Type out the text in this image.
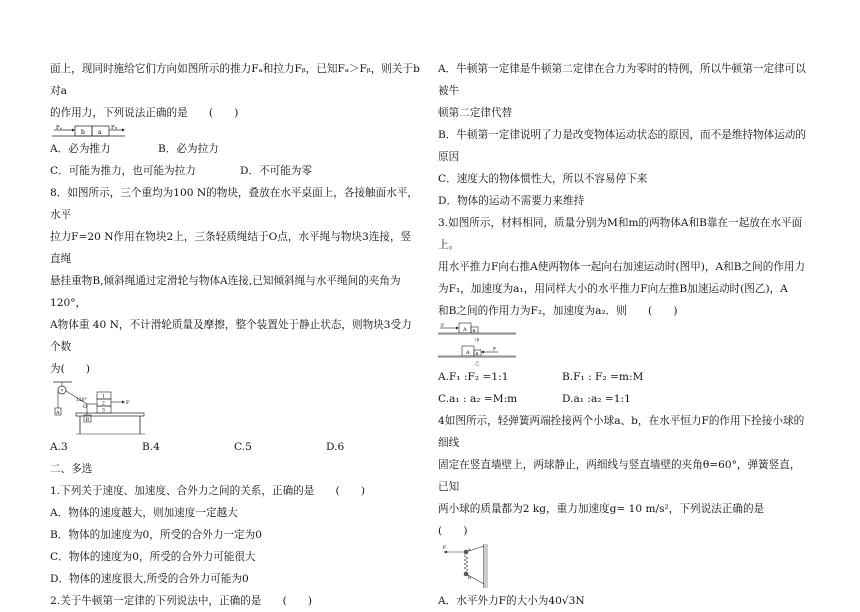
面上，现同时施给它们方向如图所示的推力Fₐ和拉力Fᵦ，已知Fₐ＞Fᵦ，则关于b对a

的作用力，下列说法正确的是　　(　　)

Fₐ
b a
Fᵦ
A．必为推力	B．必为拉力
C．可能为推力，也可能为拉力	D．不可能为零

8．如图所示，三个重均为100 N的物块，叠放在水平桌面上，各接触面水平，水平

拉力F=20 N作用在物块2上，三条轻质绳结于O点，水平绳与物块3连接，竖直绳

悬挂重物B,倾斜绳通过定滑轮与物体A连接,已知倾斜绳与水平绳间的夹角为120°，

A物体重 40 N，不计滑轮质量及摩擦，整个装置处于静止状态，则物块3受力个数

为(　　)

A
B
120°
O
1
2
3
F
A.3	B.4	C.5	D.6

二、多选

1.下列关于速度、加速度、合外力之间的关系，正确的是　　(　　)

A．物体的速度越大，则加速度一定越大

B．物体的加速度为0，所受的合外力一定为0

C．物体的速度为0，所受的合外力可能很大

D．物体的速度很大,所受的合外力可能为0

2.关于牛顿第一定律的下列说法中，正确的是　　(　　)

A．牛顿第一定律是牛顿第二定律在合力为零时的特例，所以牛顿第一定律可以被牛

顿第二定律代替

B．牛顿第一定律说明了力是改变物体运动状态的原因，而不是维持物体运动的原因

C．速度大的物体惯性大，所以不容易停下来

D．物体的运动不需要力来维持

3.如图所示，材料相同，质量分别为M和m的两物体A和B靠在一起放在水平面上。

用水平推力F向右推A使两物体一起向右加速运动时(图甲)，A和B之间的作用力

为F₁，加速度为a₁，用同样大小的水平推力F向左推B加速运动时(图乙)，A

和B之间的作用力为F₂，加速度为a₂．则　　(　　)

F
A B
甲
A B
F
乙
A.F₁ :F₂ =1:1	B.F₁ : F₂ =m:M
C.a₁ : a₂ =M:m	D.a₁ :a₂ =1:1

4如图所示，轻弹簧两端拴接两个小球a、b，在水平恒力F的作用下拴接小球的细线

固定在竖直墙壁上，两球静止，两细线与竖直墙壁的夹角θ=60°，弹簧竖直，已知

两小球的质量都为2 kg，重力加速度g= 10 m/s²，下列说法正确的是　　(　　)

F	a
b

A．水平外力F的大小为40√3N
